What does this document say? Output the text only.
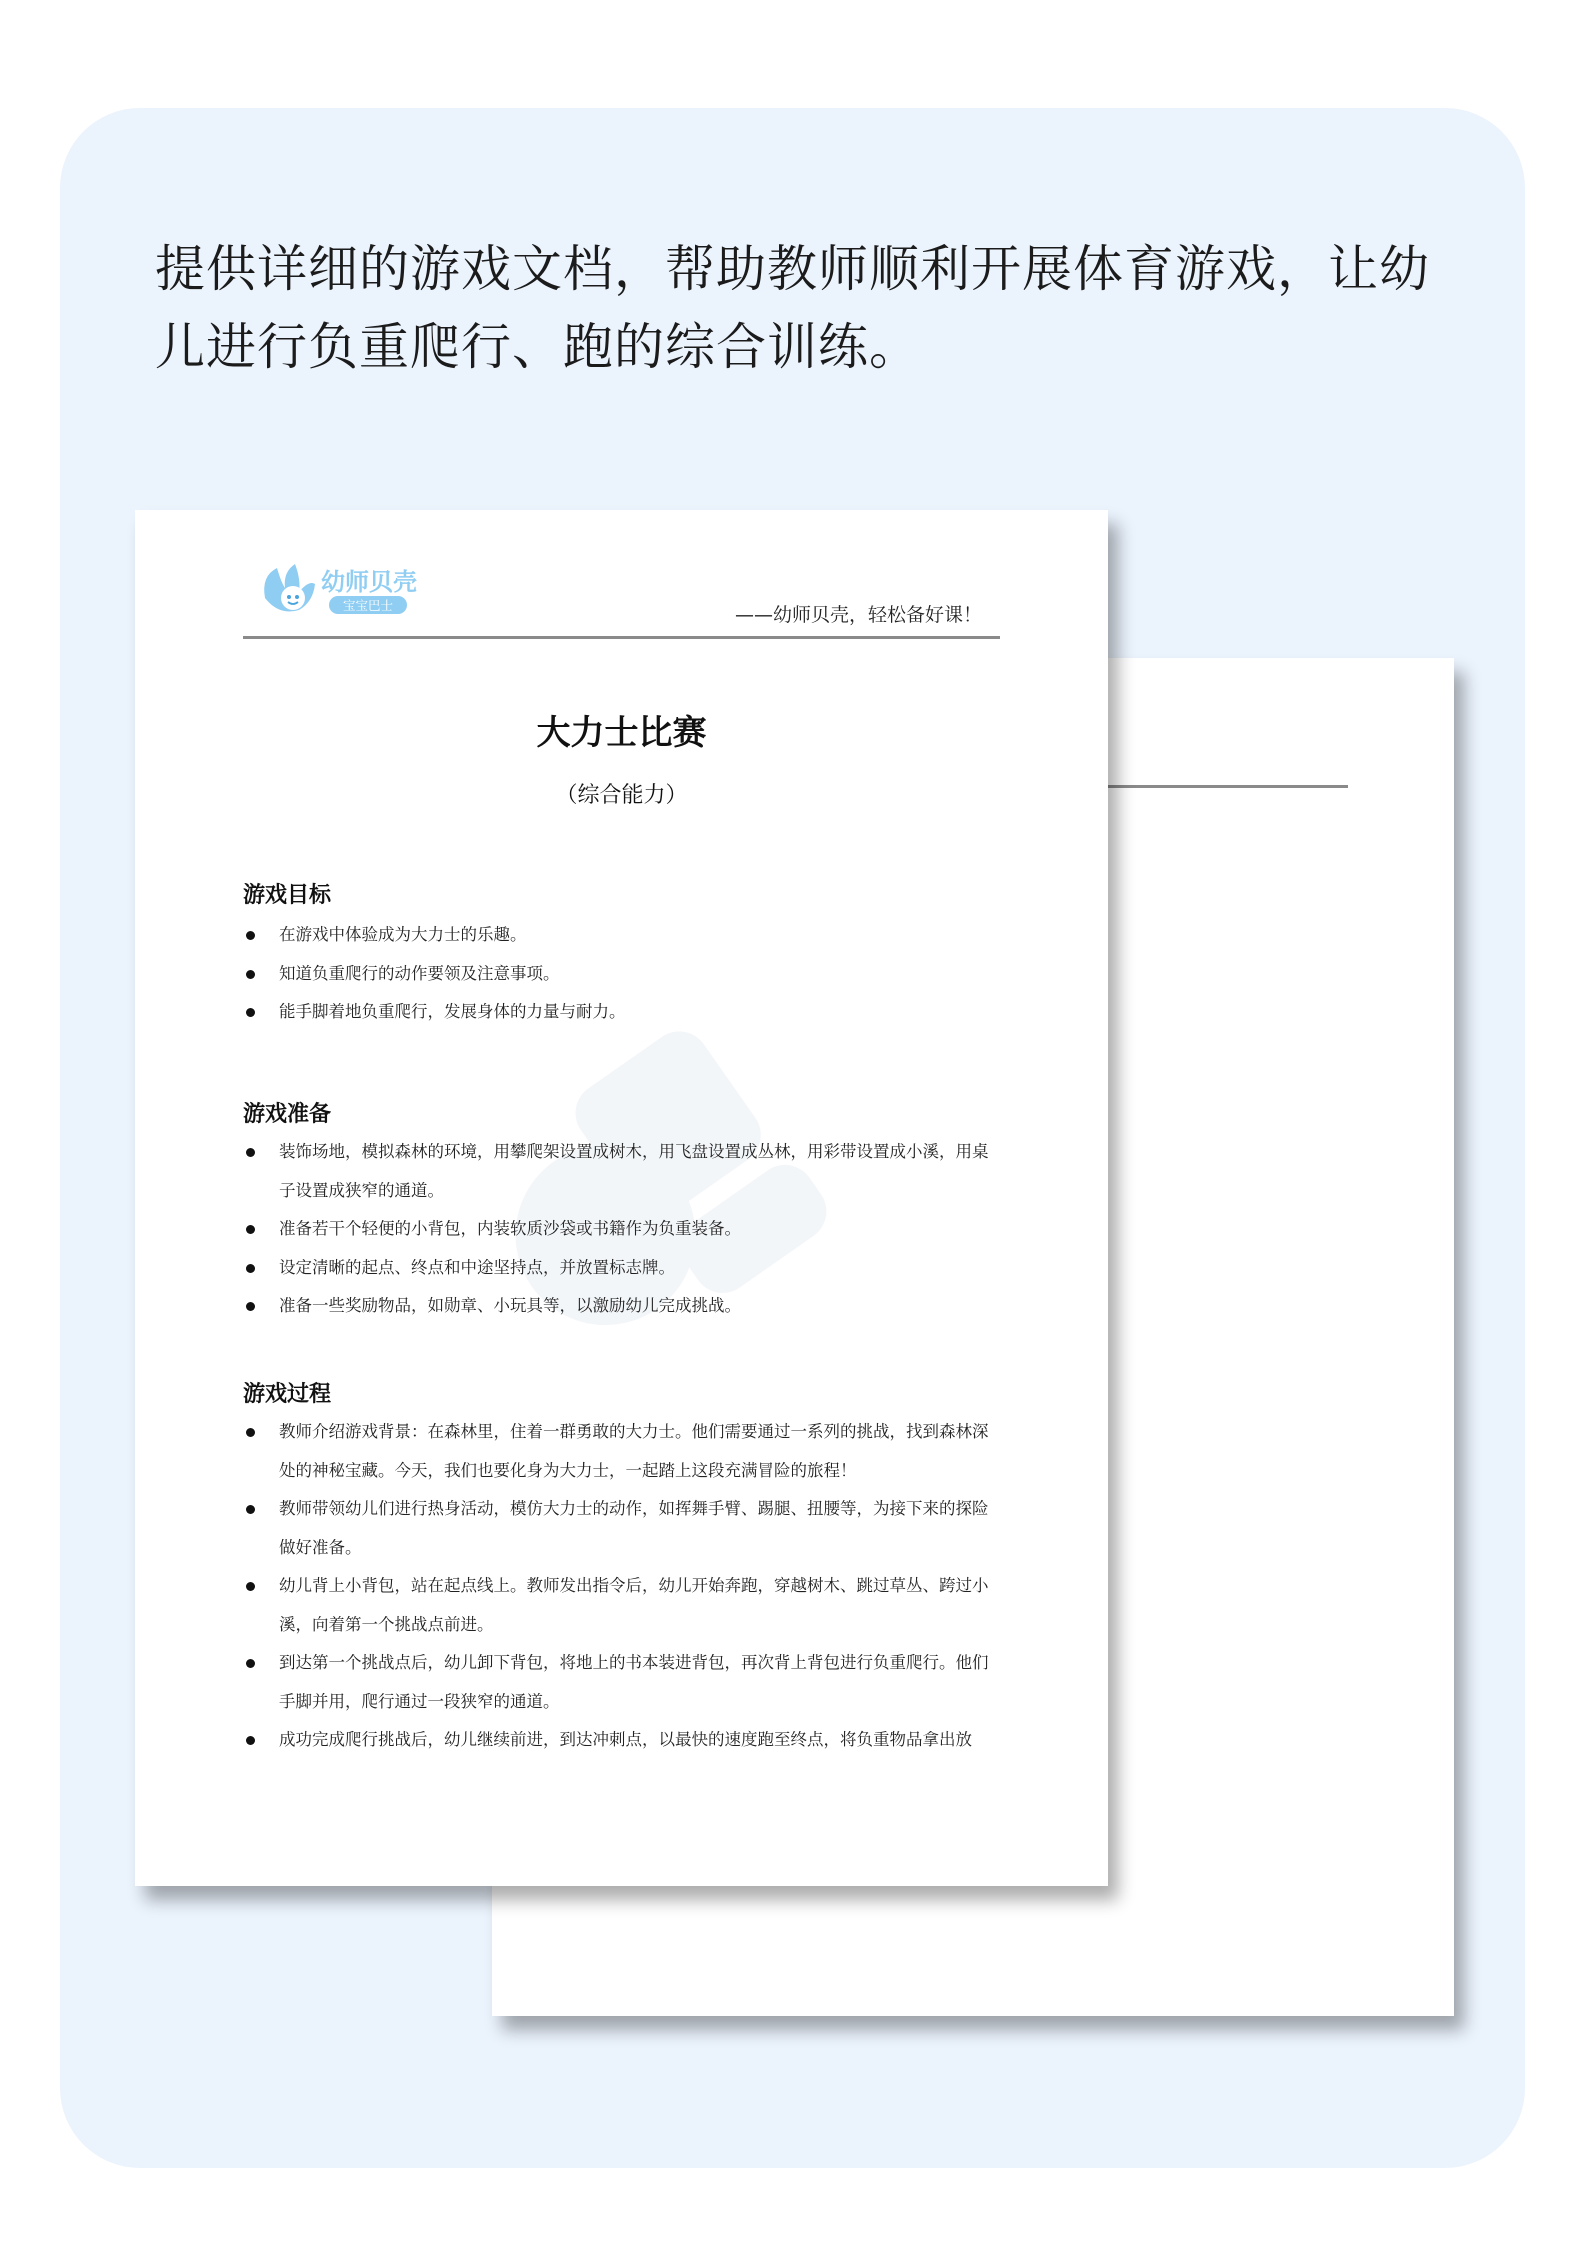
提供详细的游戏文档，帮助教师顺利开展体育游戏，让幼儿进行负重爬行、跑的综合训练。
幼师贝壳
宝宝巴士	——幼师贝壳，轻松备好课！
大力士比赛
（综合能力）
游戏目标
在游戏中体验成为大力士的乐趣。
知道负重爬行的动作要领及注意事项。
能手脚着地负重爬行，发展身体的力量与耐力。
游戏准备
装饰场地，模拟森林的环境，用攀爬架设置成树木，用飞盘设置成丛林，用彩带设置成小溪，用桌子设置成狭窄的通道。
准备若干个轻便的小背包，内装软质沙袋或书籍作为负重装备。
设定清晰的起点、终点和中途坚持点，并放置标志牌。
准备一些奖励物品，如勋章、小玩具等，以激励幼儿完成挑战。
游戏过程
教师介绍游戏背景：在森林里，住着一群勇敢的大力士。他们需要通过一系列的挑战，找到森林深处的神秘宝藏。今天，我们也要化身为大力士，一起踏上这段充满冒险的旅程！
教师带领幼儿们进行热身活动，模仿大力士的动作，如挥舞手臂、踢腿、扭腰等，为接下来的探险做好准备。
幼儿背上小背包，站在起点线上。教师发出指令后，幼儿开始奔跑，穿越树木、跳过草丛、跨过小溪，向着第一个挑战点前进。
到达第一个挑战点后，幼儿卸下背包，将地上的书本装进背包，再次背上背包进行负重爬行。他们手脚并用，爬行通过一段狭窄的通道。
成功完成爬行挑战后，幼儿继续前进，到达冲刺点，以最快的速度跑至终点，将负重物品拿出放
